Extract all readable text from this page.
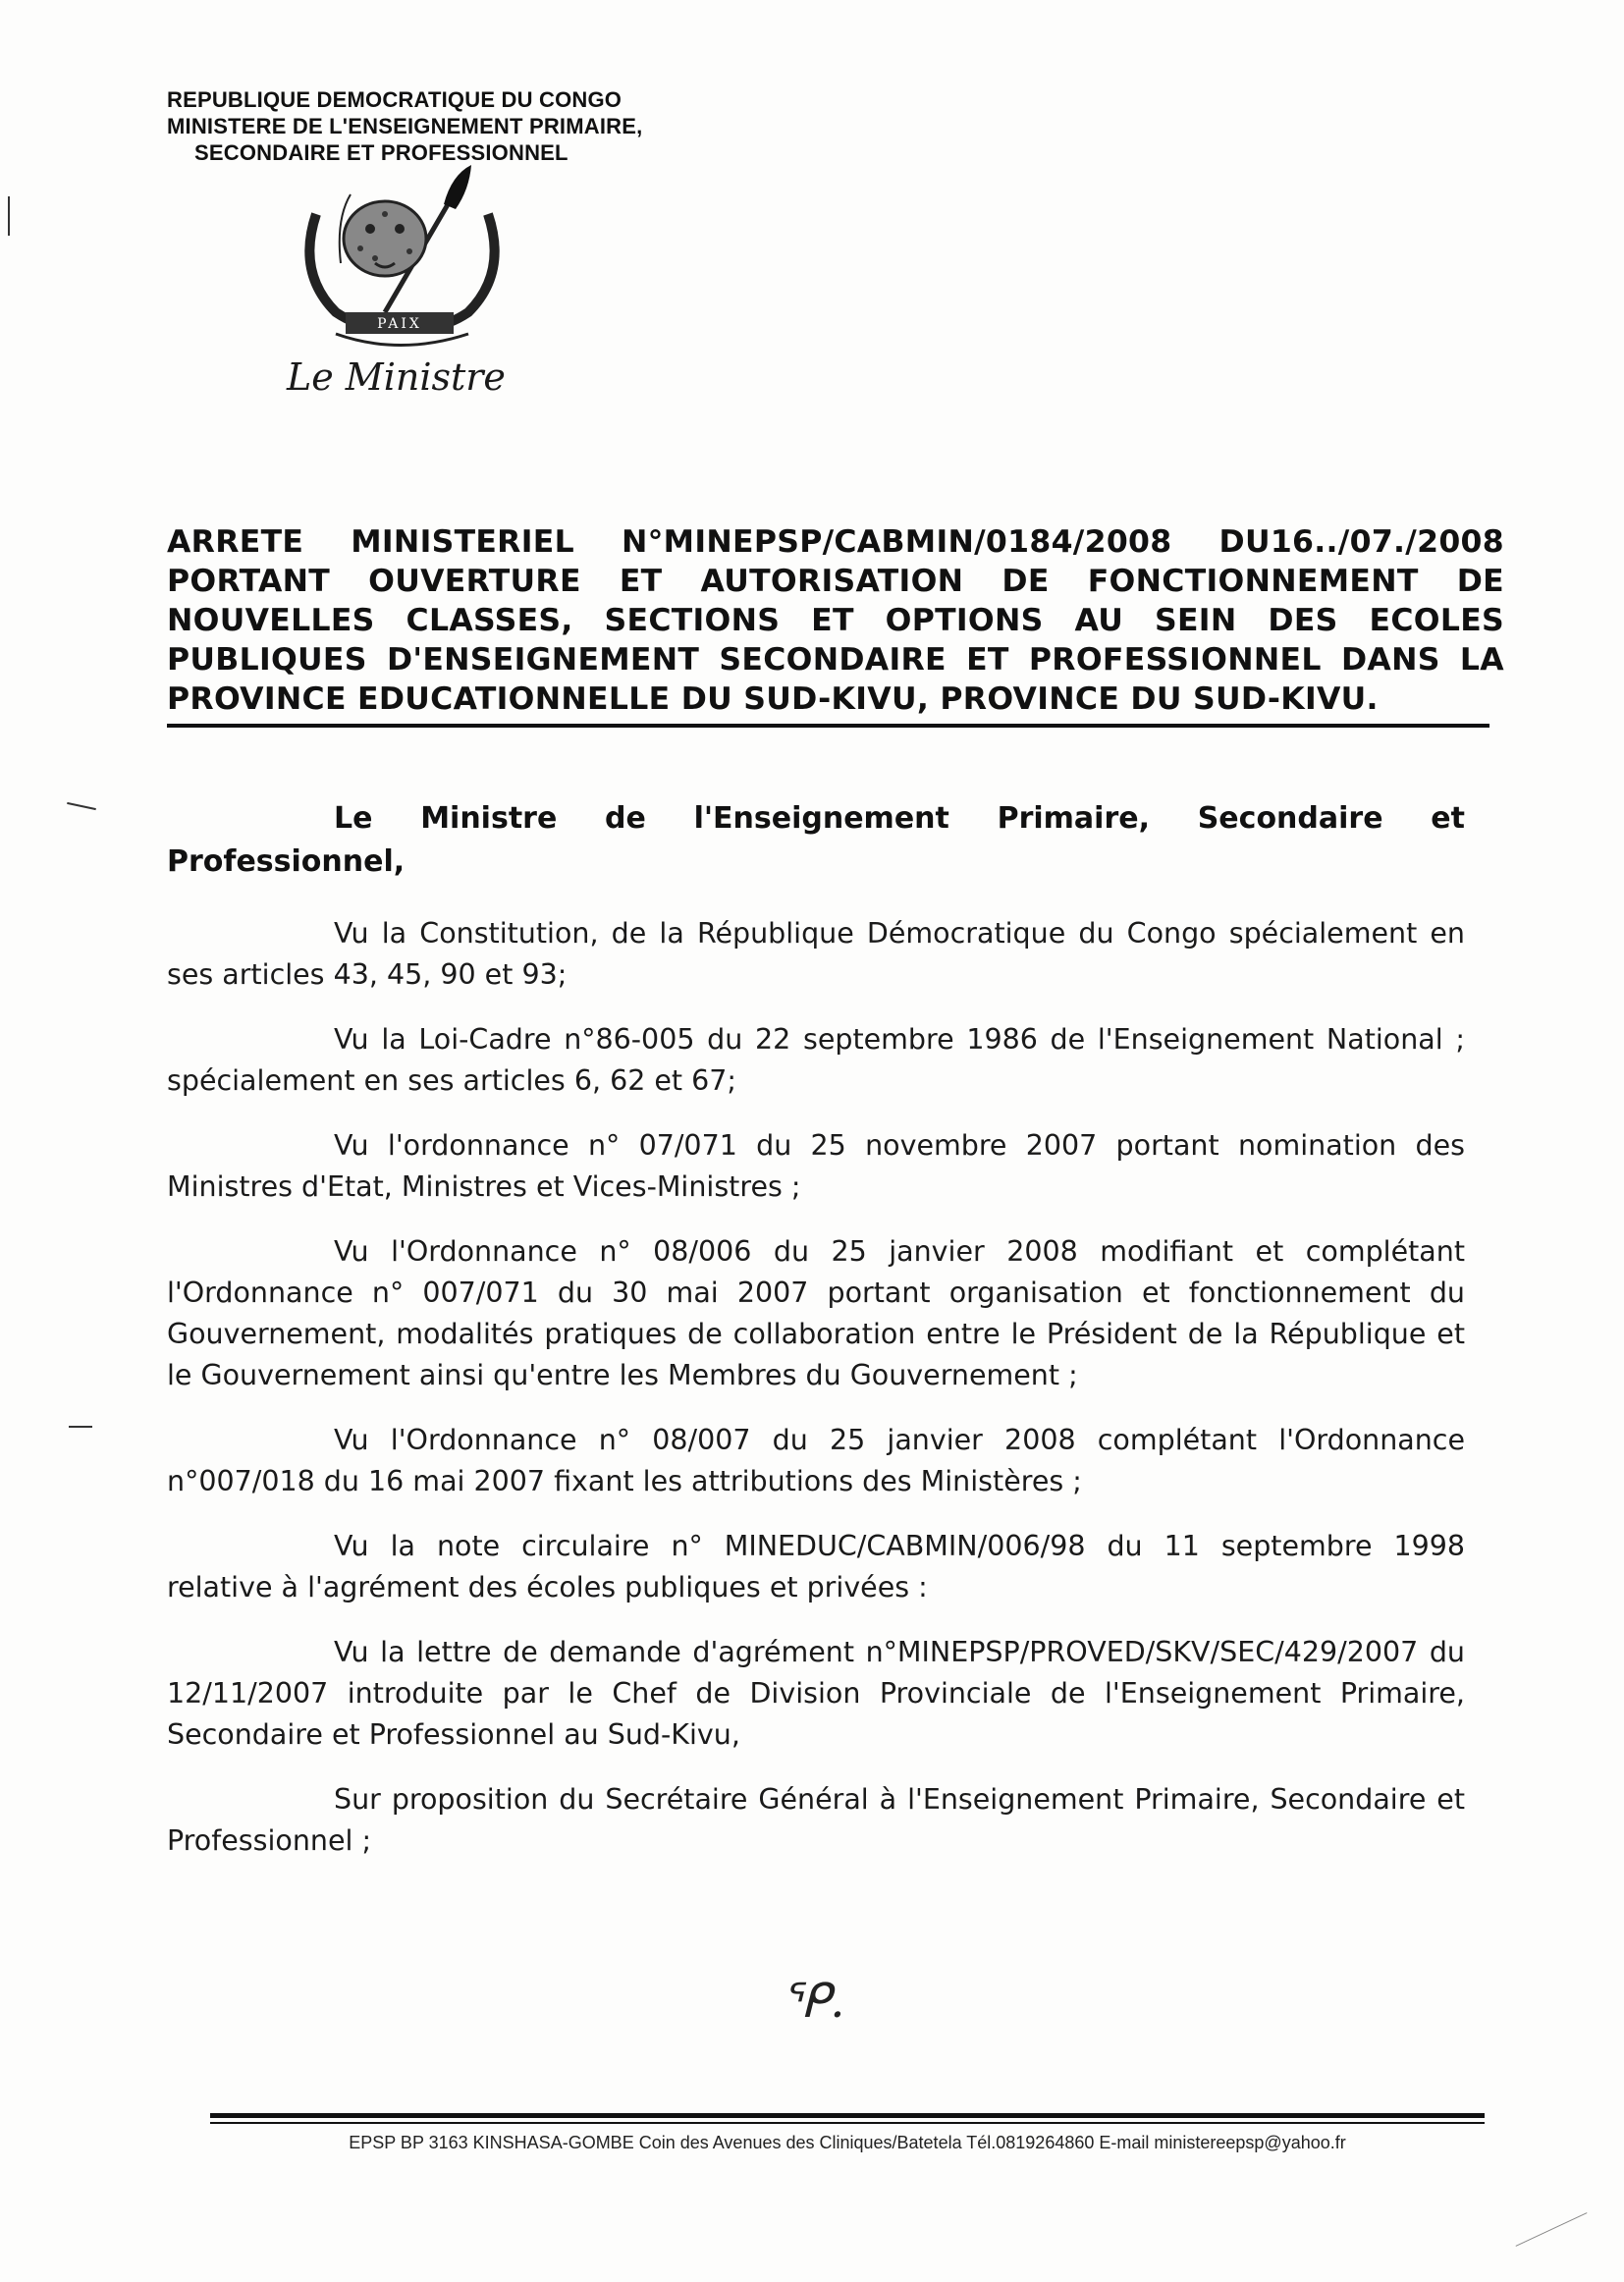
REPUBLIQUE DEMOCRATIQUE DU CONGO
MINISTERE DE L'ENSEIGNEMENT PRIMAIRE,
SECONDAIRE ET PROFESSIONNEL
PAIX
Le Ministre
ARRETE MINISTERIEL N°MINEPSP/CABMIN/0184/2008 DU16../07./2008
PORTANT OUVERTURE ET AUTORISATION DE FONCTIONNEMENT DE NOUVELLES CLASSES, SECTIONS ET OPTIONS AU SEIN DES ECOLES PUBLIQUES D'ENSEIGNEMENT SECONDAIRE ET PROFESSIONNEL DANS LA PROVINCE EDUCATIONNELLE DU SUD-KIVU, PROVINCE DU SUD-KIVU.
Le Ministre de l'Enseignement Primaire, Secondaire et
Professionnel,

Vu la Constitution, de la République Démocratique du Congo spécialement en ses articles 43, 45, 90 et 93;

Vu la Loi-Cadre n°86-005 du 22 septembre 1986 de l'Enseignement National ; spécialement en ses articles 6, 62 et 67;

Vu l'ordonnance n° 07/071 du 25 novembre 2007 portant nomination des Ministres d'Etat, Ministres et Vices-Ministres ;

Vu l'Ordonnance n° 08/006 du 25 janvier 2008 modifiant et complétant l'Ordonnance n° 007/071 du 30 mai 2007 portant organisation et fonctionnement du Gouvernement, modalités pratiques de collaboration entre le Président de la République et le Gouvernement ainsi qu'entre les Membres du Gouvernement ;

Vu l'Ordonnance n° 08/007 du 25 janvier 2008 complétant l'Ordonnance n°007/018 du 16 mai 2007 fixant les attributions des Ministères ;

Vu la note circulaire n° MINEDUC/CABMIN/006/98 du 11 septembre 1998 relative à l'agrément des écoles publiques et privées :

Vu la lettre de demande d'agrément n°MINEPSP/PROVED/SKV/SEC/429/2007 du 12/11/2007 introduite par le Chef de Division Provinciale de l'Enseignement Primaire, Secondaire et Professionnel au Sud-Kivu,

Sur proposition du Secrétaire Général à l'Enseignement Primaire, Secondaire et Professionnel ;

ᕿ.
EPSP BP 3163 KINSHASA-GOMBE Coin des Avenues des Cliniques/Batetela Tél.0819264860 E-mail ministereepsp@yahoo.fr
